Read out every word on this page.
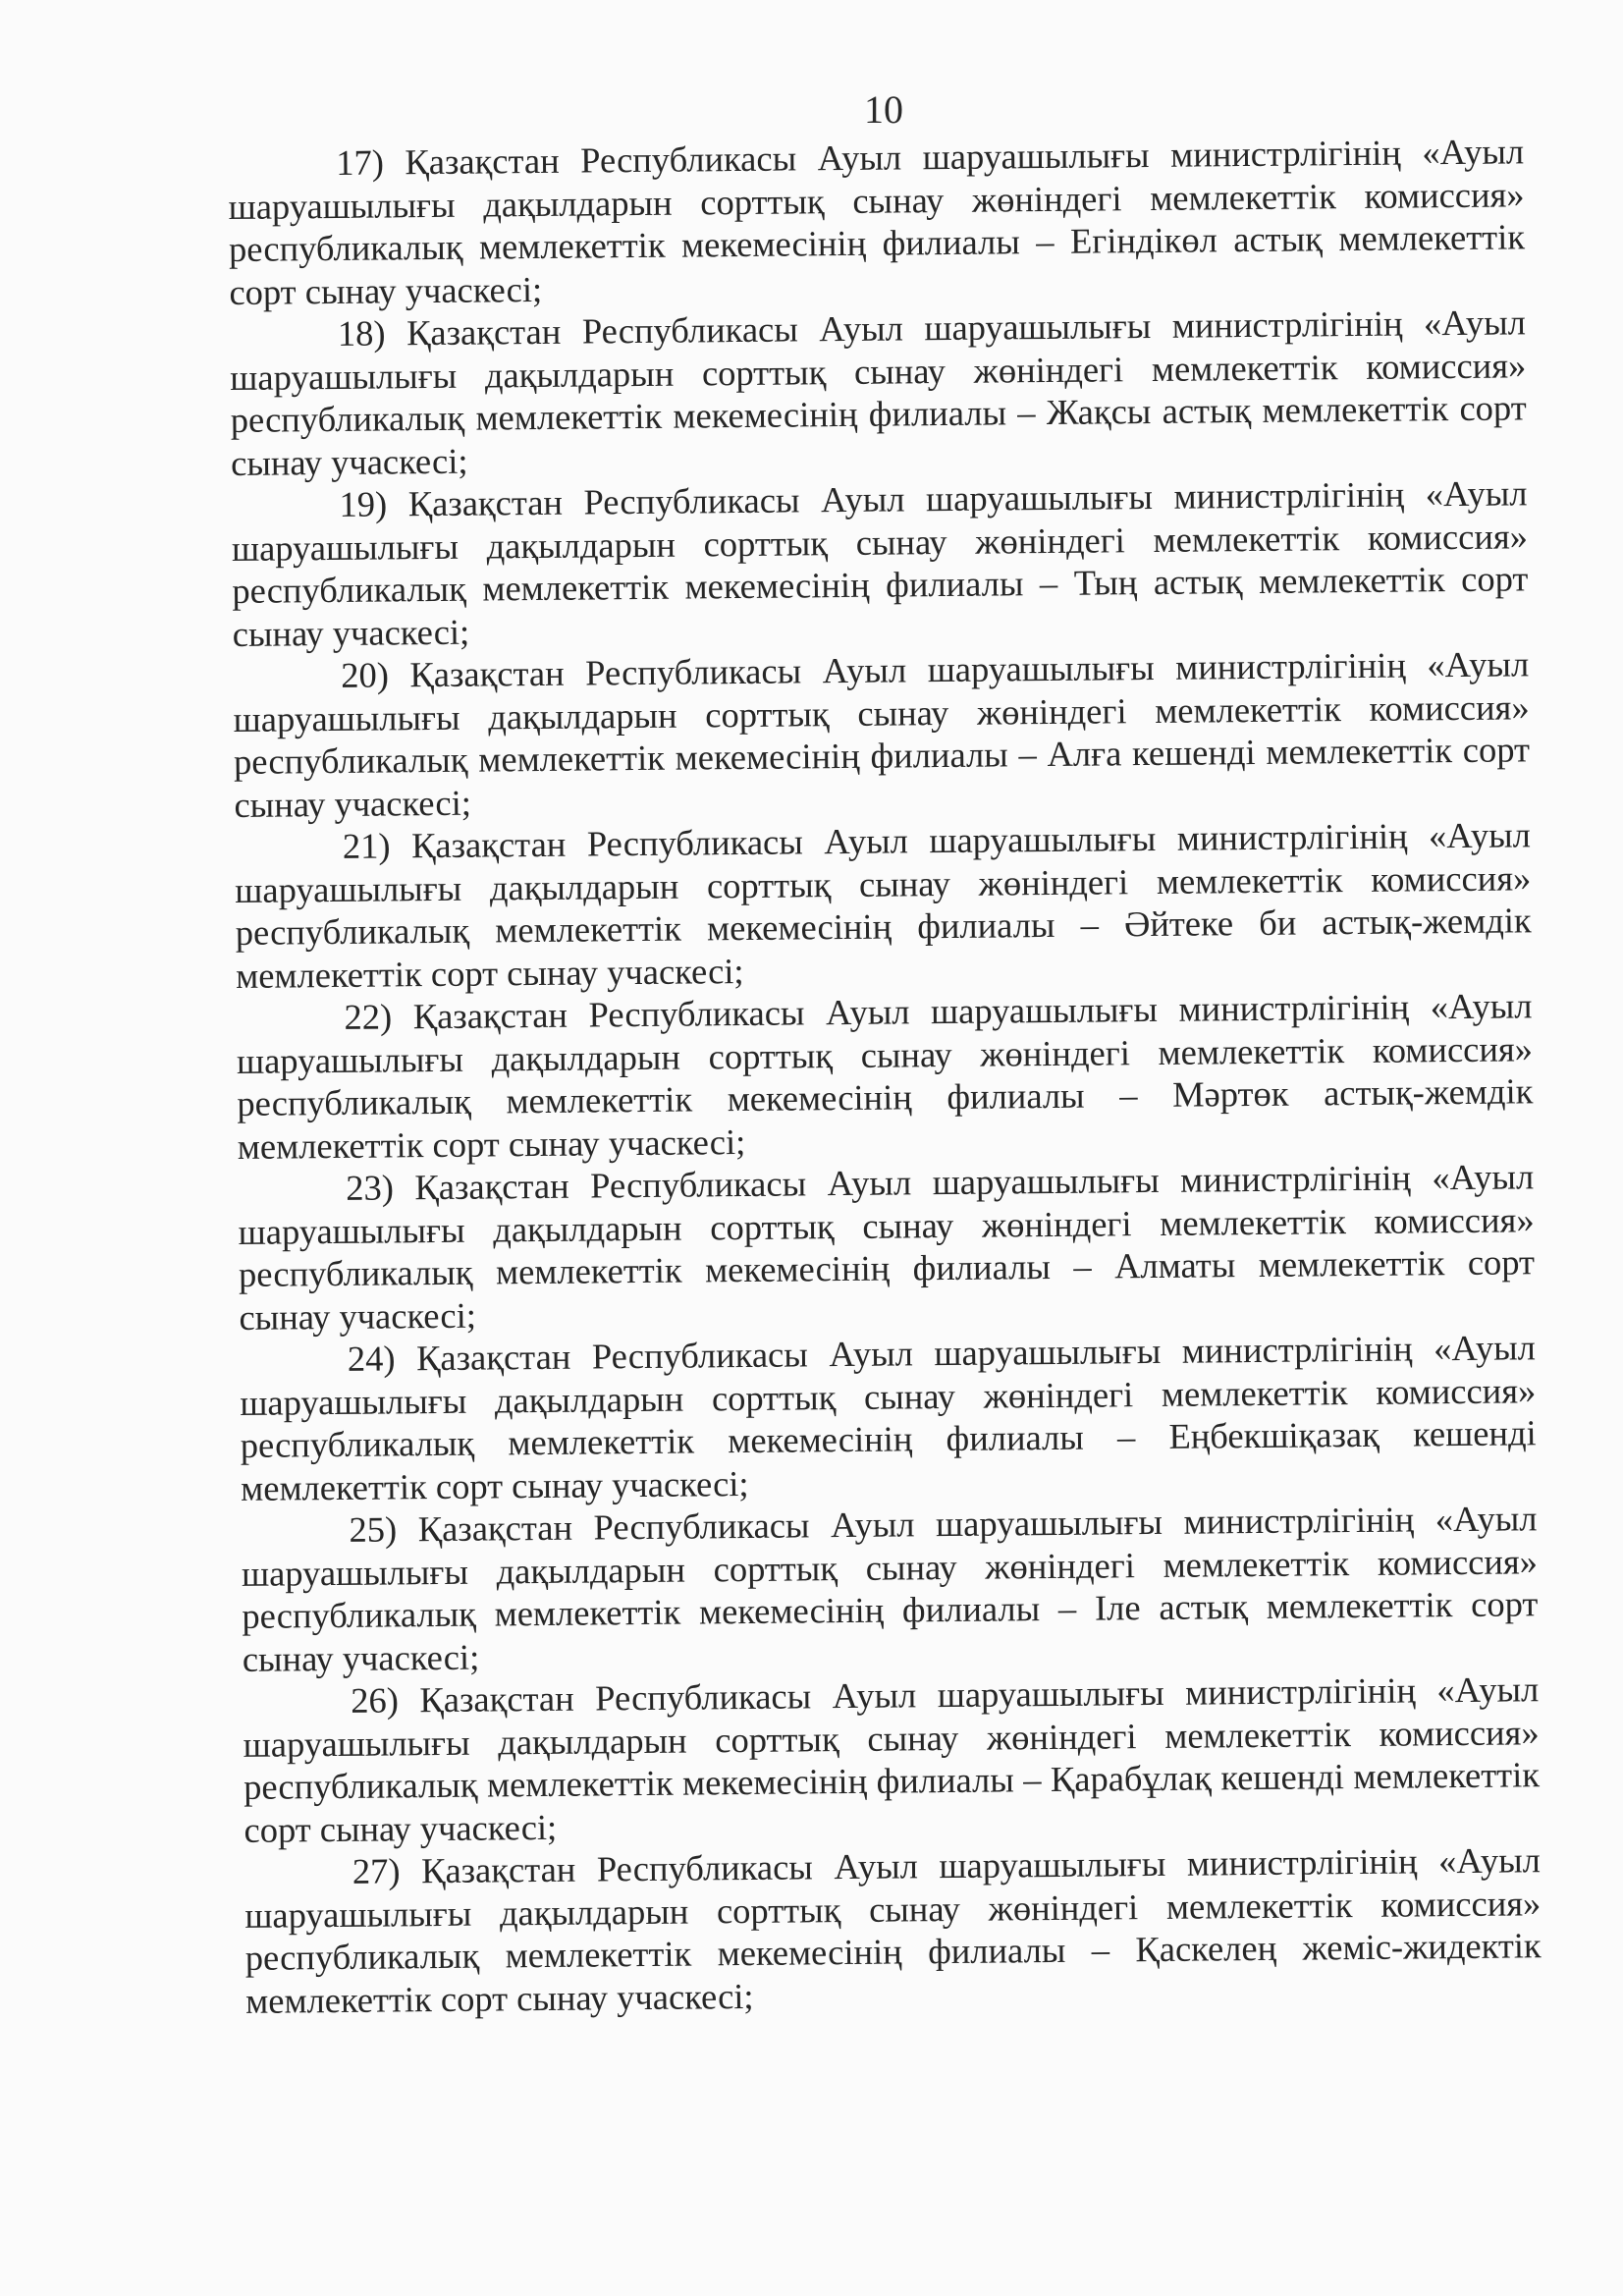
10

17) Қазақстан Республикасы Ауыл шаруашылығы министрлігінің «Ауыл шаруашылығы дақылдарын сорттық сынау жөніндегі мемлекеттік комиссия» республикалық мемлекеттік мекемесінің филиалы – Егіндікөл астық мемлекеттік сорт сынау учаскесі;

18) Қазақстан Республикасы Ауыл шаруашылығы министрлігінің «Ауыл шаруашылығы дақылдарын сорттық сынау жөніндегі мемлекеттік комиссия» республикалық мемлекеттік мекемесінің филиалы – Жақсы астық мемлекеттік сорт сынау учаскесі;

19) Қазақстан Республикасы Ауыл шаруашылығы министрлігінің «Ауыл шаруашылығы дақылдарын сорттық сынау жөніндегі мемлекеттік комиссия» республикалық мемлекеттік мекемесінің филиалы – Тың астық мемлекеттік сорт сынау учаскесі;

20) Қазақстан Республикасы Ауыл шаруашылығы министрлігінің «Ауыл шаруашылығы дақылдарын сорттық сынау жөніндегі мемлекеттік комиссия» республикалық мемлекеттік мекемесінің филиалы – Алға кешенді мемлекеттік сорт сынау учаскесі;

21) Қазақстан Республикасы Ауыл шаруашылығы министрлігінің «Ауыл шаруашылығы дақылдарын сорттық сынау жөніндегі мемлекеттік комиссия» республикалық мемлекеттік мекемесінің филиалы – Әйтеке би астық-жемдік мемлекеттік сорт сынау учаскесі;

22) Қазақстан Республикасы Ауыл шаруашылығы министрлігінің «Ауыл шаруашылығы дақылдарын сорттық сынау жөніндегі мемлекеттік комиссия» республикалық мемлекеттік мекемесінің филиалы – Мәртөк астық-жемдік мемлекеттік сорт сынау учаскесі;

23) Қазақстан Республикасы Ауыл шаруашылығы министрлігінің «Ауыл шаруашылығы дақылдарын сорттық сынау жөніндегі мемлекеттік комиссия» республикалық мемлекеттік мекемесінің филиалы – Алматы мемлекеттік сорт сынау учаскесі;

24) Қазақстан Республикасы Ауыл шаруашылығы министрлігінің «Ауыл шаруашылығы дақылдарын сорттық сынау жөніндегі мемлекеттік комиссия» республикалық мемлекеттік мекемесінің филиалы – Еңбекшіқазақ кешенді мемлекеттік сорт сынау учаскесі;

25) Қазақстан Республикасы Ауыл шаруашылығы министрлігінің «Ауыл шаруашылығы дақылдарын сорттық сынау жөніндегі мемлекеттік комиссия» республикалық мемлекеттік мекемесінің филиалы – Іле астық мемлекеттік сорт сынау учаскесі;

26) Қазақстан Республикасы Ауыл шаруашылығы министрлігінің «Ауыл шаруашылығы дақылдарын сорттық сынау жөніндегі мемлекеттік комиссия» республикалық мемлекеттік мекемесінің филиалы – Қарабұлақ кешенді мемлекеттік сорт сынау учаскесі;

27) Қазақстан Республикасы Ауыл шаруашылығы министрлігінің «Ауыл шаруашылығы дақылдарын сорттық сынау жөніндегі мемлекеттік комиссия» республикалық мемлекеттік мекемесінің филиалы – Қаскелең жеміс-жидектік мемлекеттік сорт сынау учаскесі;
